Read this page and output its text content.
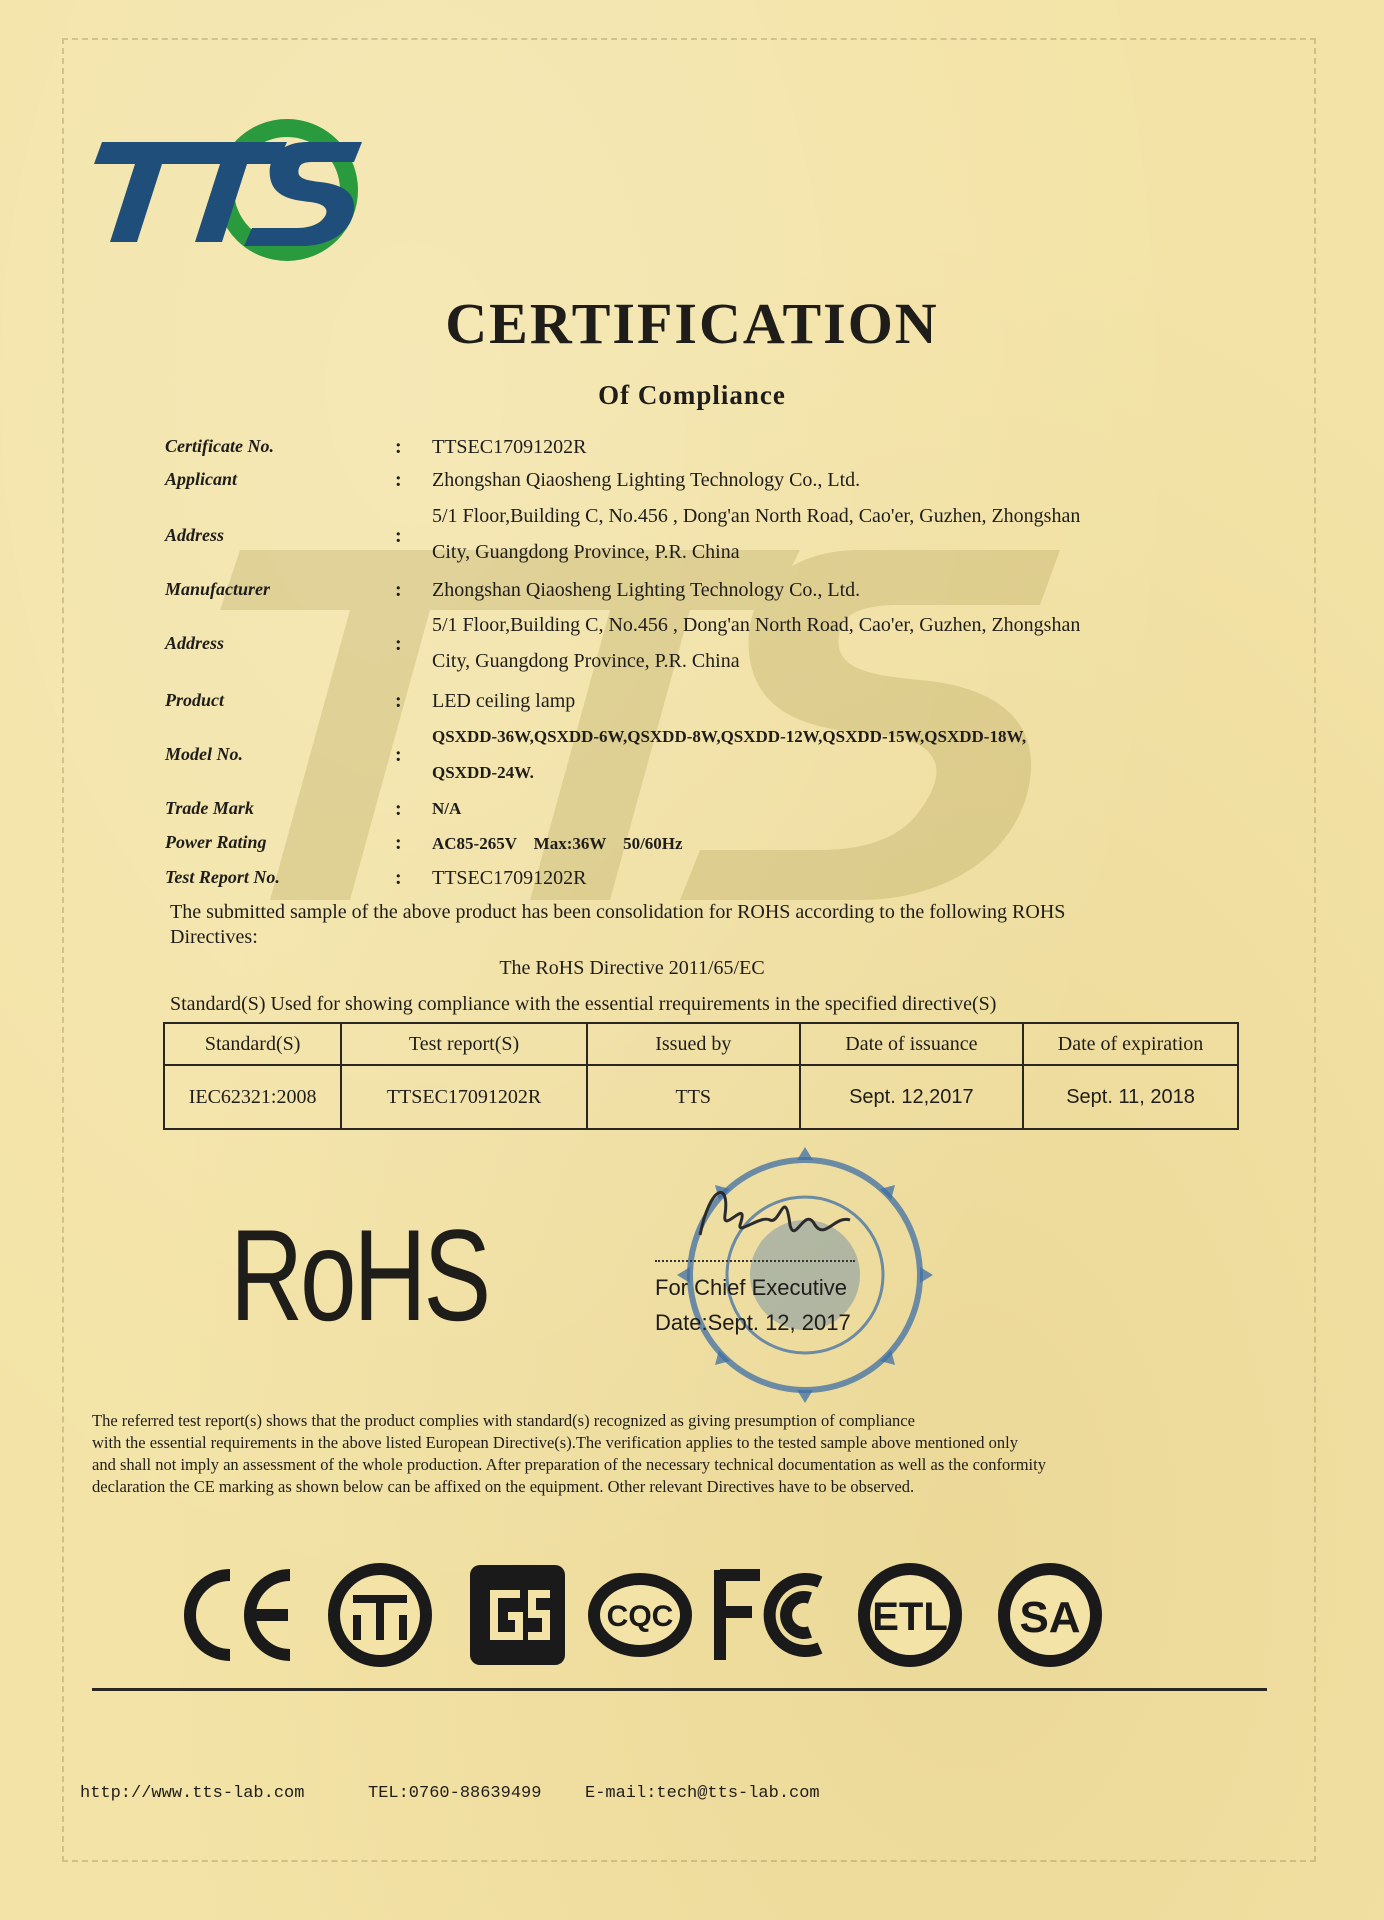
CERTIFICATION
Of Compliance
Certificate No.	: TTSEC17091202R
Applicant	: Zhongshan Qiaosheng Lighting Technology Co., Ltd.
Address	:
5/1 Floor,Building C, No.456 , Dong'an North Road, Cao'er, Guzhen, Zhongshan
City, Guangdong Province, P.R. China
Manufacturer	: Zhongshan Qiaosheng Lighting Technology Co., Ltd.
Address	:
5/1 Floor,Building C, No.456 , Dong'an North Road, Cao'er, Guzhen, Zhongshan
City, Guangdong Province, P.R. China
Product	: LED ceiling lamp
Model No.	:
QSXDD-36W,QSXDD-6W,QSXDD-8W,QSXDD-12W,QSXDD-15W,QSXDD-18W,
QSXDD-24W.
Trade Mark	: N/A
Power Rating	: AC85-265V    Max:36W    50/60Hz
Test Report No.	: TTSEC17091202R
The submitted sample of the above product has been consolidation for ROHS according to the following ROHS
Directives:
The RoHS Directive 2011/65/EC
Standard(S) Used for showing compliance with the essential rrequirements in the specified directive(S)
Standard(S)	Test report(S)	Issued by	Date of issuance	Date of expiration
IEC62321:2008	TTSEC17091202R	TTS	Sept. 12,2017	Sept. 11, 2018
RoHS	For Chief Executive
Date:Sept. 12, 2017
The referred test report(s) shows that the product complies with standard(s) recognized as giving presumption of compliance
with the essential requirements in the above listed European Directive(s).The verification applies to the tested sample above mentioned only
and shall not imply an assessment of the whole production. After preparation of the necessary technical documentation as well as the conformity
declaration the CE marking as shown below can be affixed on the equipment. Other relevant Directives have to be observed.
CQC	ETL SA
http://www.tts-lab.com	TEL:0760-88639499	E-mail:tech@tts-lab.com
